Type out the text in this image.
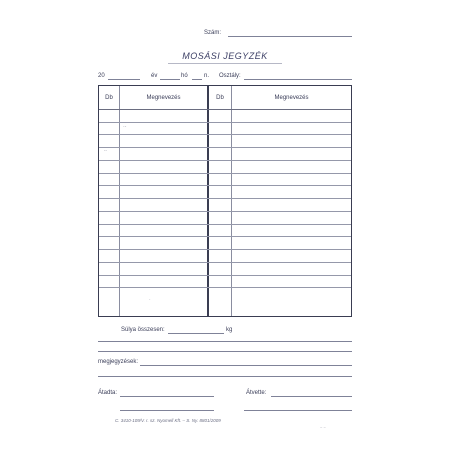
Szám:
MOSÁSI JEGYZÉK
20	év	hó	n. Osztály:
Db	Megnevezés	Db	Megnevezés
·-
-·
·
Súlya összesen:	kg
megjegyzések:
Átadta:	Átvette:
C. 3410-109/V. r. sz. Nyomell Kft. – S. Ny. 8801/2009
~ ~
